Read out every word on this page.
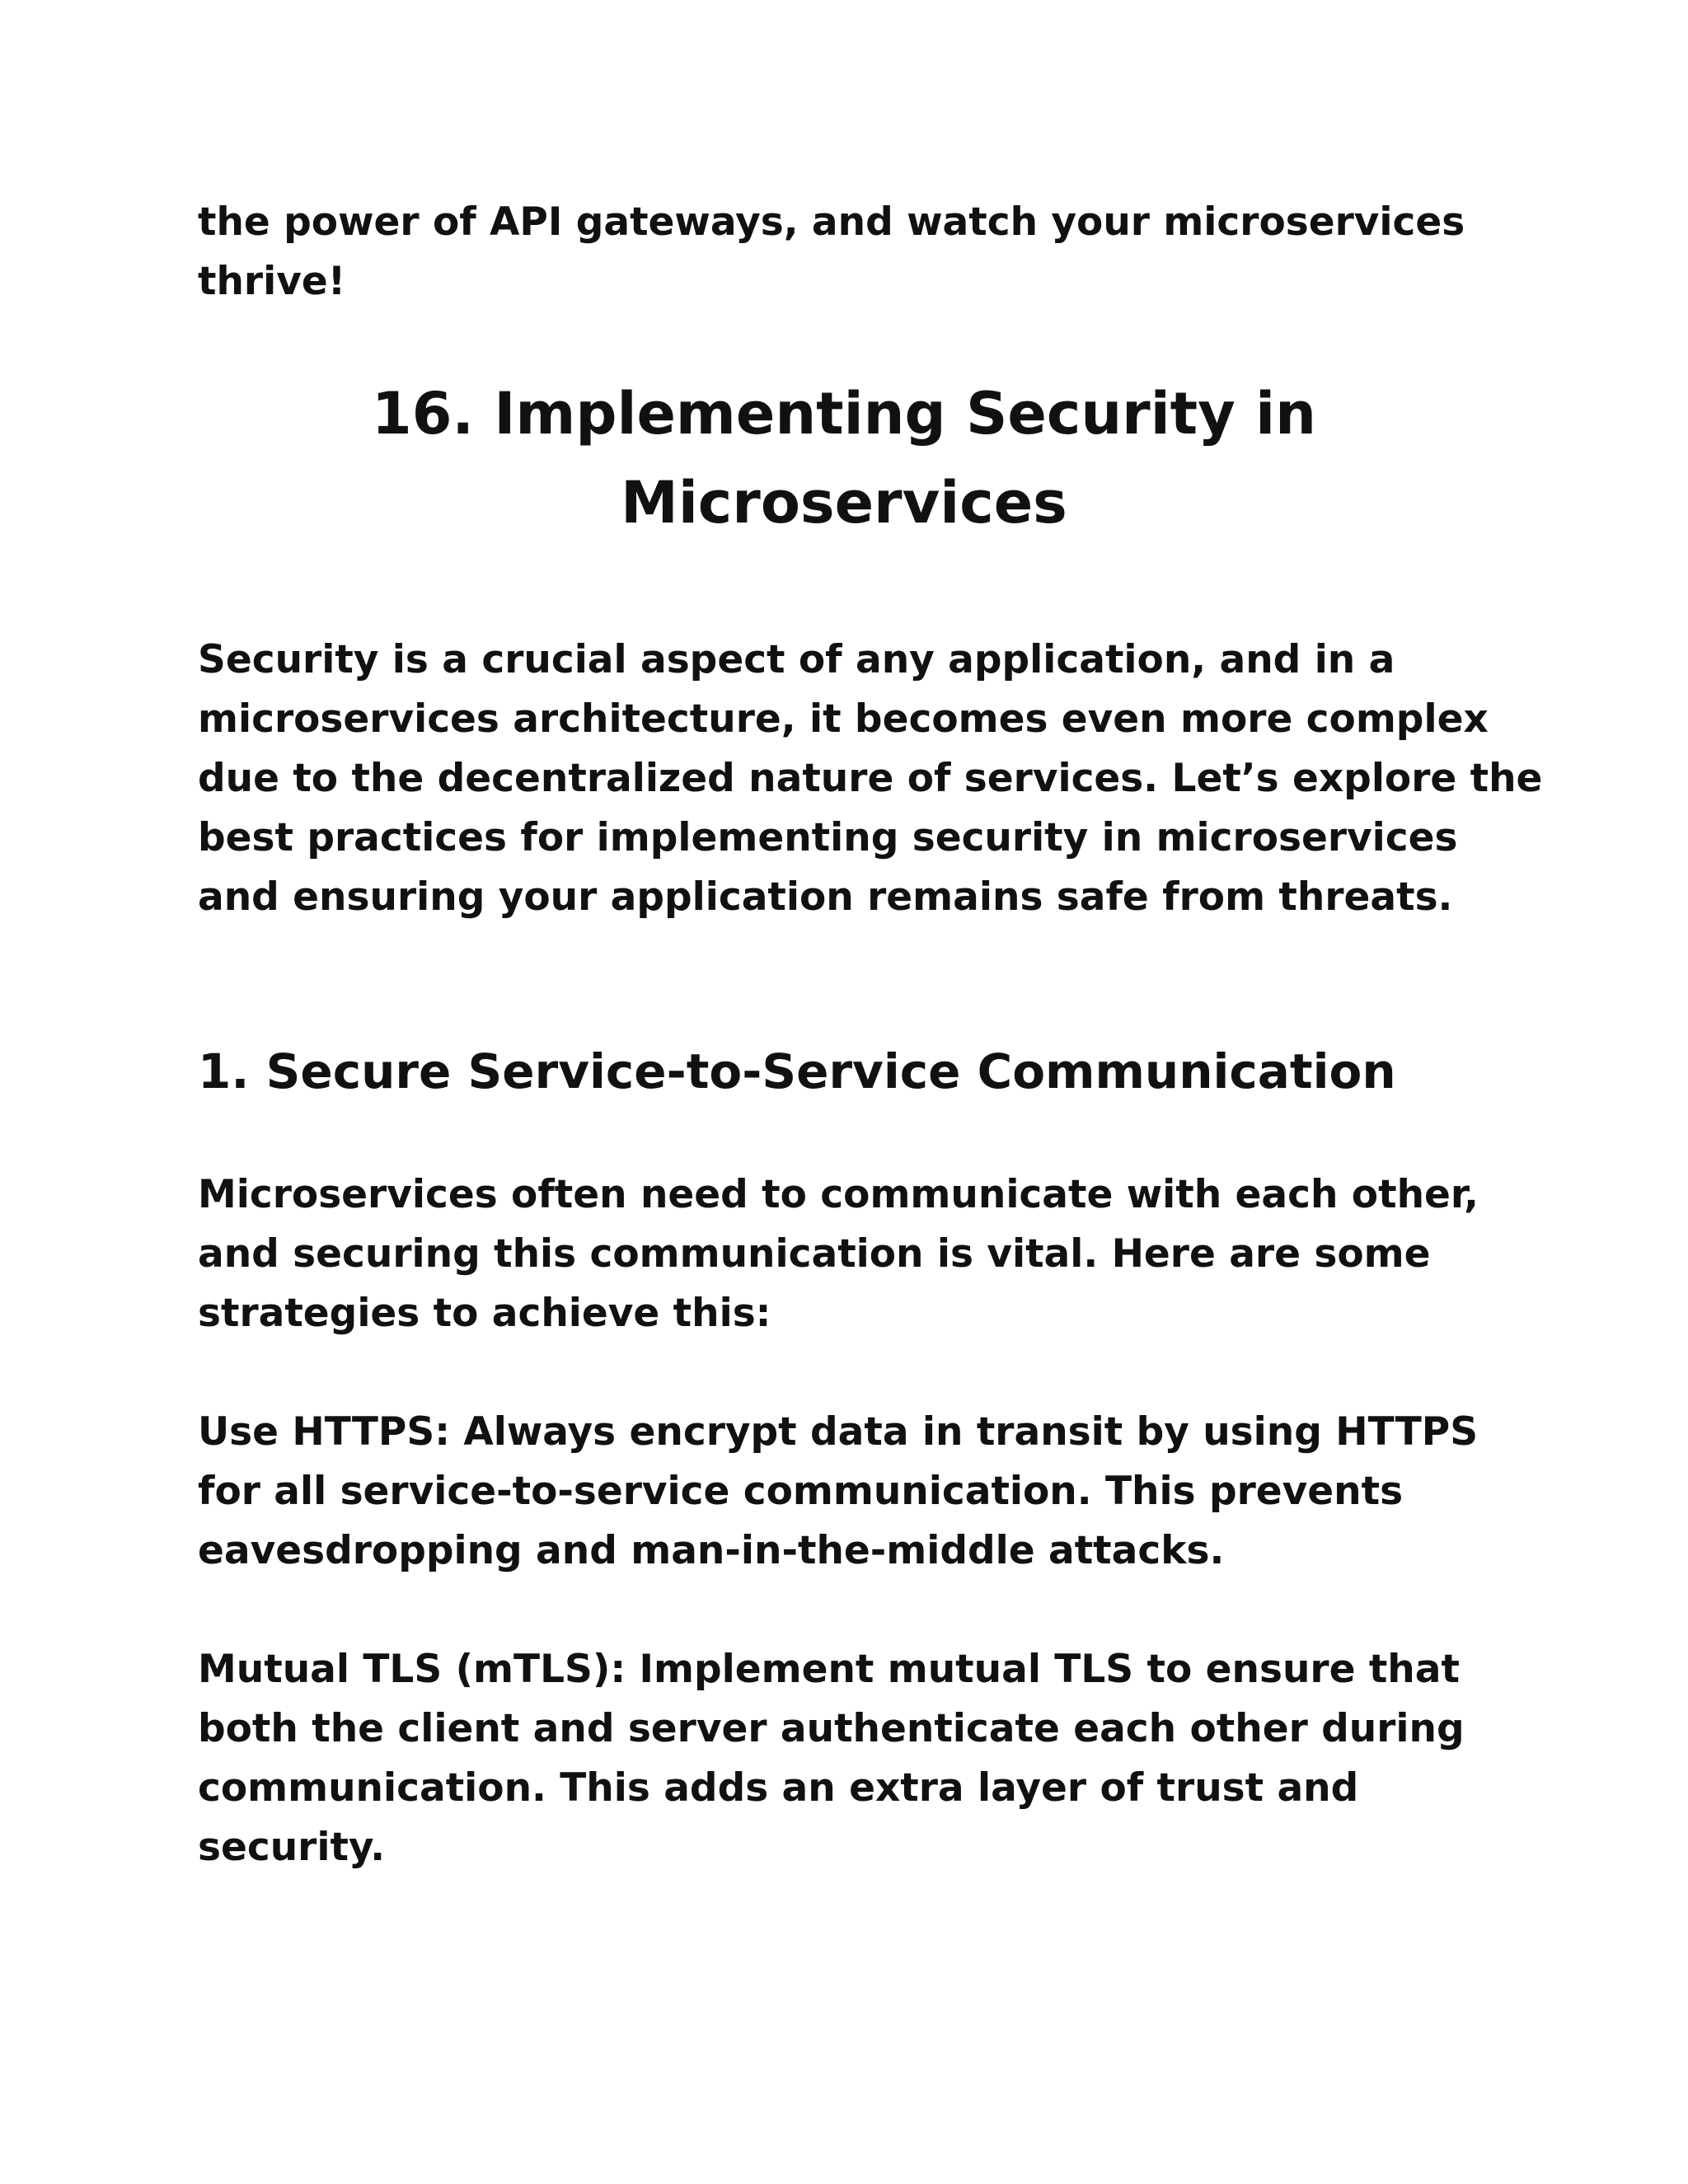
the power of API gateways, and watch your microservices
thrive!

16. Implementing Security in
Microservices

Security is a crucial aspect of any application, and in a
microservices architecture, it becomes even more complex
due to the decentralized nature of services. Let’s explore the
best practices for implementing security in microservices
and ensuring your application remains safe from threats.

1. Secure Service-to-Service Communication

Microservices often need to communicate with each other,
and securing this communication is vital. Here are some
strategies to achieve this:

Use HTTPS: Always encrypt data in transit by using HTTPS
for all service-to-service communication. This prevents
eavesdropping and man-in-the-middle attacks.

Mutual TLS (mTLS): Implement mutual TLS to ensure that
both the client and server authenticate each other during
communication. This adds an extra layer of trust and
security.
